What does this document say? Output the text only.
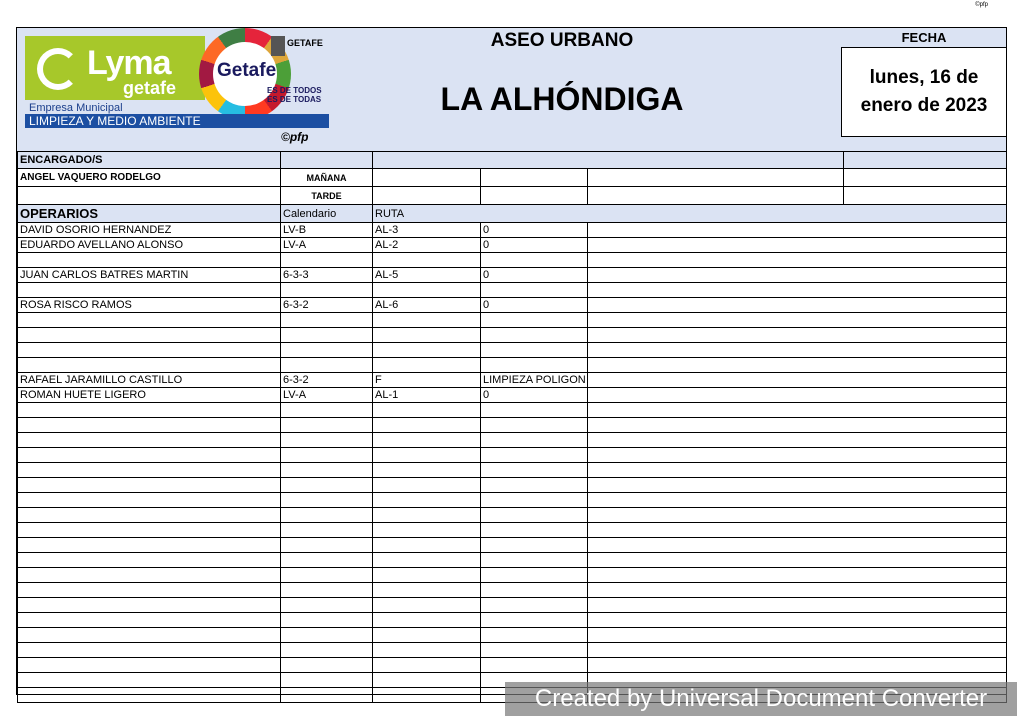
©pfp
Lyma
getafe
Getafe
GETAFE
ES DE TODOS ES DE TODAS
Empresa Municipal
LIMPIEZA Y MEDIO AMBIENTE
©pfp
ASEO URBANO
LA ALHÓNDIGA
FECHA
lunes, 16 de enero de 2023
ENCARGADO/S					
ANGEL VAQUERO RODELGO	MAÑANA				
	TARDE				
OPERARIOS	Calendario	RUTA			
DAVID OSORIO HERNANDEZ	LV-B	AL-3	0		
EDUARDO AVELLANO ALONSO	LV-A	AL-2	0		

JUAN CARLOS BATRES MARTIN	6-3-3	AL-5	0		

ROSA RISCO RAMOS	6-3-2	AL-6	0		

RAFAEL JARAMILLO CASTILLO	6-3-2	F	LIMPIEZA POLIGON		
ROMAN HUETE LIGERO	LV-A	AL-1	0		

Created by Universal Document Converter
